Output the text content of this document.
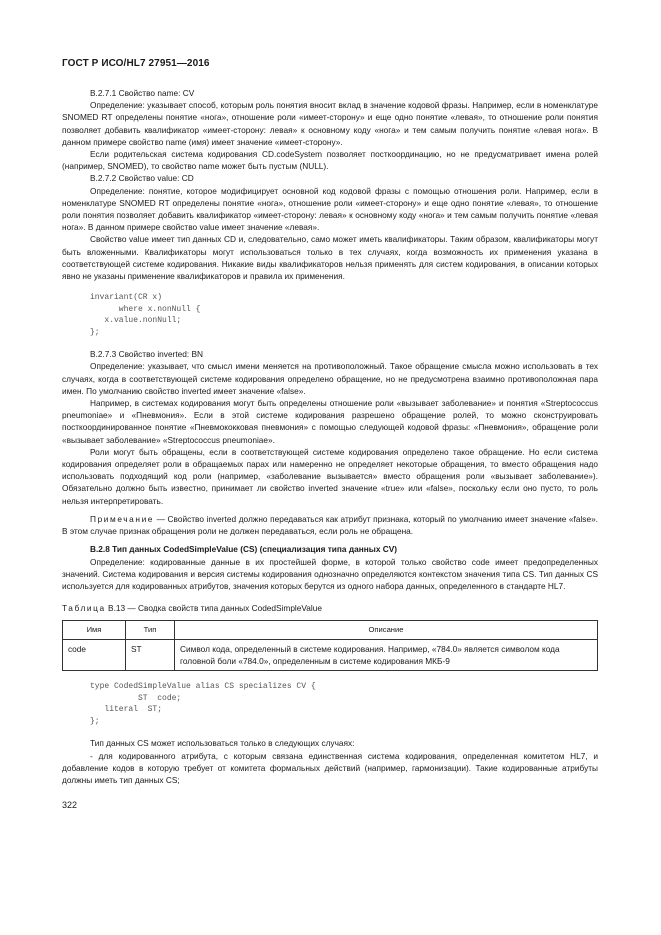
ГОСТ Р ИСО/HL7 27951—2016

B.2.7.1 Свойство name: CV

Определение: указывает способ, которым роль понятия вносит вклад в значение кодовой фразы. Например, если в номенклатуре SNOMED RT определены понятие «нога», отношение роли «имеет-сторону» и еще одно понятие «левая», то отношение роли понятия позволяет добавить квалификатор «имеет-сторону: левая» к основному коду «нога» и тем самым получить понятие «левая нога». В данном примере свойство name (имя) имеет значение «имеет-сторону».

Если родительская система кодирования CD.codeSystem позволяет посткоординацию, но не предусматривает имена ролей (например, SNOMED), то свойство name может быть пустым (NULL).

B.2.7.2 Свойство value: CD

Определение: понятие, которое модифицирует основной код кодовой фразы с помощью отношения роли. Например, если в номенклатуре SNOMED RT определены понятие «нога», отношение роли «имеет-сторону» и еще одно понятие «левая», то отношение роли понятия позволяет добавить квалификатор «имеет-сторону: левая» к основному коду «нога» и тем самым получить понятие «левая нога». В данном примере свойство value имеет значение «левая».

Свойство value имеет тип данных CD и, следовательно, само может иметь квалификаторы. Таким образом, квалификаторы могут быть вложенными. Квалификаторы могут использоваться только в тех случаях, когда возможность их применения указана в соответствующей системе кодирования. Никакие виды квалификаторов нельзя применять для систем кодирования, в описании которых явно не указаны применение квалификаторов и правила их применения.

invariant(CR x)
where x.nonNull {
x.value.nonNull;
};

B.2.7.3 Свойство inverted: BN

Определение: указывает, что смысл имени меняется на противоположный. Такое обращение смысла можно использовать в тех случаях, когда в соответствующей системе кодирования определено обращение, но не предусмотрена взаимно противоположная пара имен. По умолчанию свойство inverted имеет значение «false».

Например, в системах кодирования могут быть определены отношение роли «вызывает заболевание» и понятия «Streptococcus pneumoniae» и «Пневмония». Если в этой системе кодирования разрешено обращение ролей, то можно сконструировать посткоординированное понятие «Пневмококковая пневмония» с помощью следующей кодовой фразы: «Пневмония», обращение роли «вызывает заболевание» «Streptococcus pneumoniae».

Роли могут быть обращены, если в соответствующей системе кодирования определено такое обращение. Но если система кодирования определяет роли в обращаемых парах или намеренно не определяет некоторые обращения, то вместо обращения надо использовать подходящий код роли (например, «заболевание вызывается» вместо обращения роли «вызывает заболевание»). Обязательно должно быть известно, принимает ли свойство inverted значение «true» или «false», поскольку если оно пусто, то роль нельзя интерпретировать.

Примечание — Свойство inverted должно передаваться как атрибут признака, который по умолчанию имеет значение «false». В этом случае признак обращения роли не должен передаваться, если роль не обращена.

B.2.8 Тип данных CodedSimpleValue (CS) (специализация типа данных CV)

Определение: кодированные данные в их простейшей форме, в которой только свойство code имеет предопределенных значений. Система кодирования и версия системы кодирования однозначно определяются контекстом значения типа CS. Тип данных CS используется для кодированных атрибутов, значения которых берутся из одного набора данных, определенного в стандарте HL7.

Таблица B.13 — Сводка свойств типа данных CodedSimpleValue

Имя	Тип	Описание
code	ST	Символ кода, определенный в системе кодирования. Например, «784.0» является символом кода головной боли «784.0», определенным в системе кодирования МКБ-9
type CodedSimpleValue alias CS specializes CV {
ST  code;
literal  ST;
};

Тип данных CS может использоваться только в следующих случаях:

- для кодированного атрибута, с которым связана единственная система кодирования, определенная комитетом HL7, и добавление кодов в которую требует от комитета формальных действий (например, гармонизации). Такие кодированные атрибуты должны иметь тип данных CS;

322
